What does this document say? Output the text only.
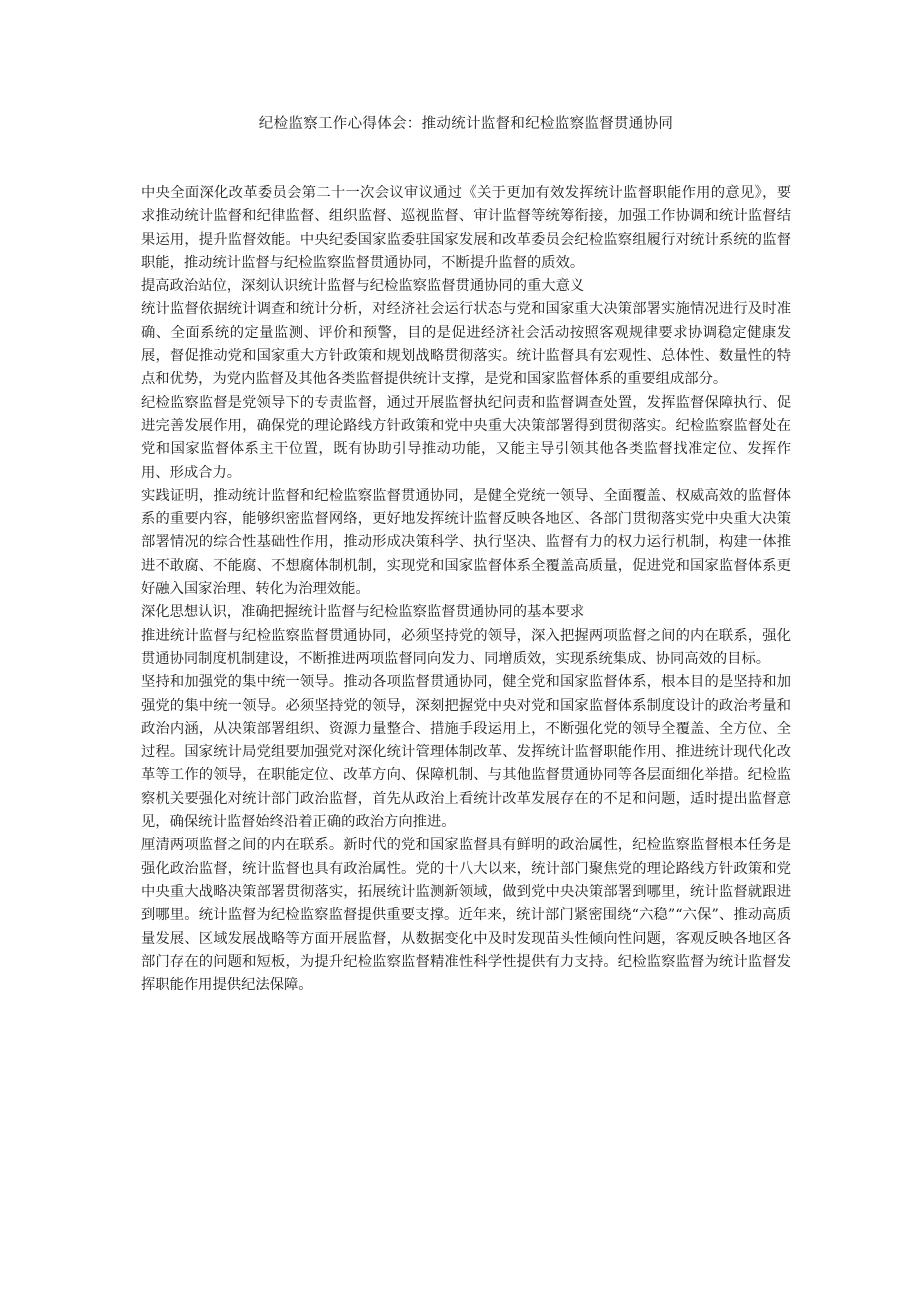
纪检监察工作心得体会：推动统计监督和纪检监察监督贯通协同

中央全面深化改革委员会第二十一次会议审议通过《关于更加有效发挥统计监督职能作用的意见》，要求推动统计监督和纪律监督、组织监督、巡视监督、审计监督等统筹衔接，加强工作协调和统计监督结果运用，提升监督效能。中央纪委国家监委驻国家发展和改革委员会纪检监察组履行对统计系统的监督职能，推动统计监督与纪检监察监督贯通协同，不断提升监督的质效。

提高政治站位，深刻认识统计监督与纪检监察监督贯通协同的重大意义

统计监督依据统计调查和统计分析，对经济社会运行状态与党和国家重大决策部署实施情况进行及时准确、全面系统的定量监测、评价和预警，目的是促进经济社会活动按照客观规律要求协调稳定健康发展，督促推动党和国家重大方针政策和规划战略贯彻落实。统计监督具有宏观性、总体性、数量性的特点和优势，为党内监督及其他各类监督提供统计支撑，是党和国家监督体系的重要组成部分。

纪检监察监督是党领导下的专责监督，通过开展监督执纪问责和监督调查处置，发挥监督保障执行、促进完善发展作用，确保党的理论路线方针政策和党中央重大决策部署得到贯彻落实。纪检监察监督处在党和国家监督体系主干位置，既有协助引导推动功能，又能主导引领其他各类监督找准定位、发挥作用、形成合力。

实践证明，推动统计监督和纪检监察监督贯通协同，是健全党统一领导、全面覆盖、权威高效的监督体系的重要内容，能够织密监督网络，更好地发挥统计监督反映各地区、各部门贯彻落实党中央重大决策部署情况的综合性基础性作用，推动形成决策科学、执行坚决、监督有力的权力运行机制，构建一体推进不敢腐、不能腐、不想腐体制机制，实现党和国家监督体系全覆盖高质量，促进党和国家监督体系更好融入国家治理、转化为治理效能。

深化思想认识，准确把握统计监督与纪检监察监督贯通协同的基本要求

推进统计监督与纪检监察监督贯通协同，必须坚持党的领导，深入把握两项监督之间的内在联系，强化贯通协同制度机制建设，不断推进两项监督同向发力、同增质效，实现系统集成、协同高效的目标。

坚持和加强党的集中统一领导。推动各项监督贯通协同，健全党和国家监督体系，根本目的是坚持和加强党的集中统一领导。必须坚持党的领导，深刻把握党中央对党和国家监督体系制度设计的政治考量和政治内涵，从决策部署组织、资源力量整合、措施手段运用上，不断强化党的领导全覆盖、全方位、全过程。国家统计局党组要加强党对深化统计管理体制改革、发挥统计监督职能作用、推进统计现代化改革等工作的领导，在职能定位、改革方向、保障机制、与其他监督贯通协同等各层面细化举措。纪检监察机关要强化对统计部门政治监督，首先从政治上看统计改革发展存在的不足和问题，适时提出监督意见，确保统计监督始终沿着正确的政治方向推进。

厘清两项监督之间的内在联系。新时代的党和国家监督具有鲜明的政治属性，纪检监察监督根本任务是强化政治监督，统计监督也具有政治属性。党的十八大以来，统计部门聚焦党的理论路线方针政策和党中央重大战略决策部署贯彻落实，拓展统计监测新领域，做到党中央决策部署到哪里，统计监督就跟进到哪里。统计监督为纪检监察监督提供重要支撑。近年来，统计部门紧密围绕“六稳”“六保”、推动高质量发展、区域发展战略等方面开展监督，从数据变化中及时发现苗头性倾向性问题，客观反映各地区各部门存在的问题和短板，为提升纪检监察监督精准性科学性提供有力支持。纪检监察监督为统计监督发挥职能作用提供纪法保障。
